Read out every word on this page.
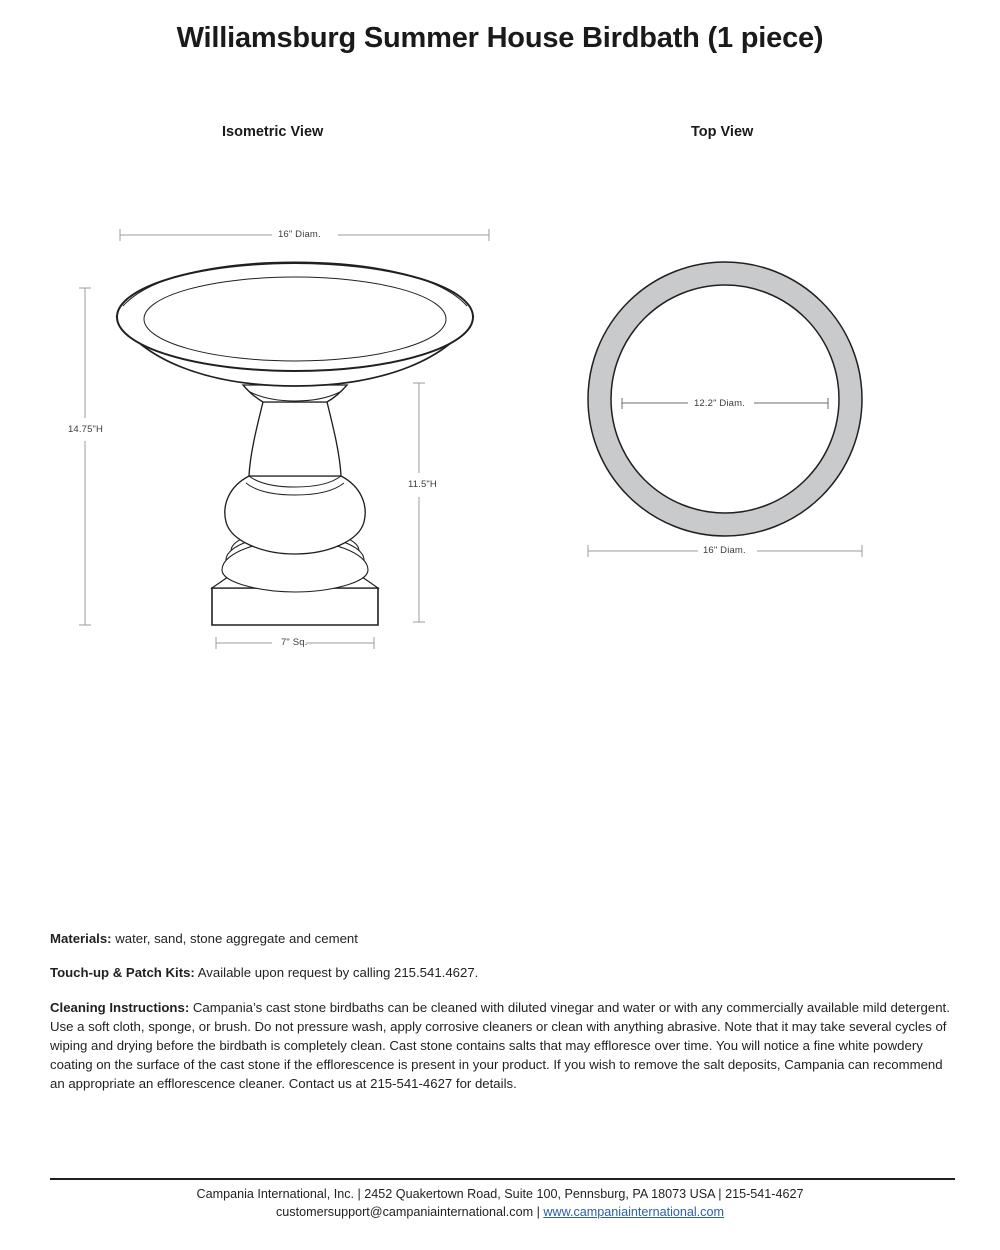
Williamsburg Summer House Birdbath (1 piece)
Isometric View	Top View
16" Diam.
14.75"H
11.5"H
7" Sq.
12.2" Diam.
16" Diam.
Materials: water, sand, stone aggregate and cement
Touch-up & Patch Kits: Available upon request by calling 215.541.4627.

Cleaning Instructions: Campania’s cast stone birdbaths can be cleaned with diluted vinegar and water or with any commercially available mild detergent. Use a soft cloth, sponge, or brush. Do not pressure wash, apply corrosive cleaners or clean with anything abrasive. Note that it may take several cycles of wiping and drying before the birdbath is completely clean. Cast stone contains salts that may effloresce over time. You will notice a fine white powdery coating on the surface of the cast stone if the efflorescence is present in your product. If you wish to remove the salt deposits, Campania can recommend an appropriate an efflorescence cleaner. Contact us at 215-541-4627 for details.

Campania International, Inc. | 2452 Quakertown Road, Suite 100, Pennsburg, PA 18073 USA | 215-541-4627
customersupport@campaniainternational.com | www.campaniainternational.com
